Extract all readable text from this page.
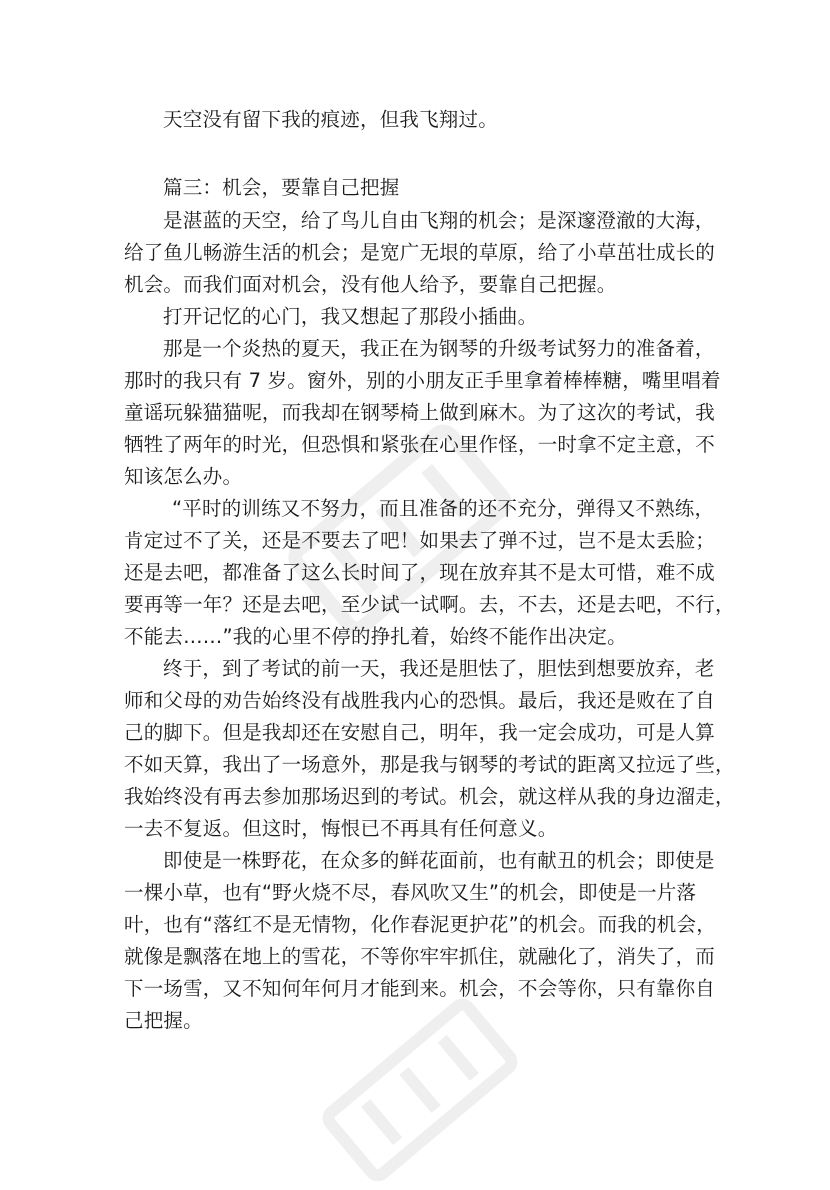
天空没有留下我的痕迹，但我飞翔过。
篇三：机会，要靠自己把握
是湛蓝的天空，给了鸟儿自由飞翔的机会；是深邃澄澈的大海，
给了鱼儿畅游生活的机会；是宽广无垠的草原，给了小草茁壮成长的
机会。而我们面对机会，没有他人给予，要靠自己把握。
打开记忆的心门，我又想起了那段小插曲。
那是一个炎热的夏天，我正在为钢琴的升级考试努力的准备着，
那时的我只有 7 岁。窗外，别的小朋友正手里拿着棒棒糖，嘴里唱着
童谣玩躲猫猫呢，而我却在钢琴椅上做到麻木。为了这次的考试，我
牺牲了两年的时光，但恐惧和紧张在心里作怪，一时拿不定主意，不
知该怎么办。
“平时的训练又不努力，而且准备的还不充分，弹得又不熟练，
肯定过不了关，还是不要去了吧！如果去了弹不过，岂不是太丢脸；
还是去吧，都准备了这么长时间了，现在放弃其不是太可惜，难不成
要再等一年？还是去吧，至少试一试啊。去，不去，还是去吧，不行，
不能去……”我的心里不停的挣扎着，始终不能作出决定。
终于，到了考试的前一天，我还是胆怯了，胆怯到想要放弃，老
师和父母的劝告始终没有战胜我内心的恐惧。最后，我还是败在了自
己的脚下。但是我却还在安慰自己，明年，我一定会成功，可是人算
不如天算，我出了一场意外，那是我与钢琴的考试的距离又拉远了些，
我始终没有再去参加那场迟到的考试。机会，就这样从我的身边溜走，
一去不复返。但这时，悔恨已不再具有任何意义。
即使是一株野花，在众多的鲜花面前，也有献丑的机会；即使是
一棵小草，也有“野火烧不尽，春风吹又生”的机会，即使是一片落
叶，也有“落红不是无情物，化作春泥更护花”的机会。而我的机会，
就像是飘落在地上的雪花，不等你牢牢抓住，就融化了，消失了，而
下一场雪，又不知何年何月才能到来。机会，不会等你，只有靠你自
己把握。
